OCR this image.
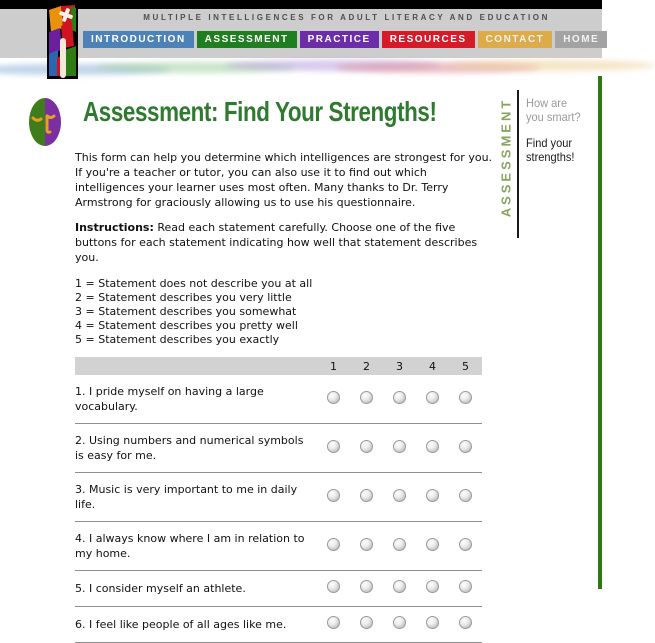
MULTIPLE INTELLIGENCES FOR ADULT LITERACY AND EDUCATION
INTRODUCTION	ASSESSMENT	PRACTICE	RESOURCES	CONTACT	HOME
ASSESSMENT How are you smart?
Find your strengths!
Assessment: Find Your Strengths!

This form can help you determine which intelligences are strongest for you. If you're a teacher or tutor, you can also use it to find out which intelligences your learner uses most often. Many thanks to Dr. Terry Armstrong for graciously allowing us to use his questionnaire.

Instructions: Read each statement carefully. Choose one of the five buttons for each statement indicating how well that statement describes you.

1 = Statement does not describe you at all
2 = Statement describes you very little
3 = Statement describes you somewhat
4 = Statement describes you pretty well
5 = Statement describes you exactly
1	2	3	4	5
1. I pride myself on having a large vocabulary.
2. Using numbers and numerical symbols is easy for me.
3. Music is very important to me in daily life.
4. I always know where I am in relation to my home.
5. I consider myself an athlete.
6. I feel like people of all ages like me.
